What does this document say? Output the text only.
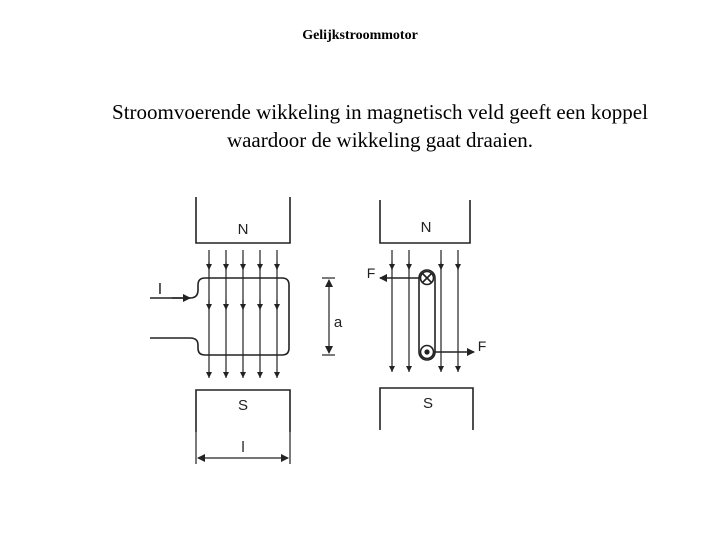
Gelijkstroommotor
Stroomvoerende wikkeling in magnetisch veld geeft een koppel
waardoor de wikkeling gaat draaien.
N
S
I
a
l
N
S
F
F
